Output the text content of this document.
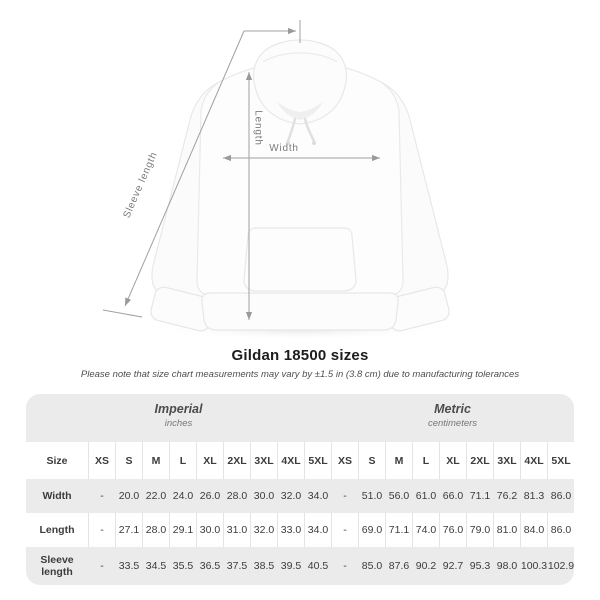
Sleeve length
Length
Width
Gildan 18500 sizes

Please note that size chart measurements may vary by ±1.5 in (3.8 cm) due to manufacturing tolerances

Imperial
inches
Metric
centimeters
Size	XS	S	M	L	XL	2XL 3XL 4XL 5XL XS	S	M	L	XL	2XL 3XL 4XL 5XL
Width	-	20.0 22.0 24.0 26.0 28.0 30.0 32.0 34.0	-	51.0 56.0 61.0 66.0 71.1 76.2 81.3 86.0
Length	-	27.1 28.0 29.1 30.0 31.0 32.0 33.0 34.0	-	69.0 71.1 74.0 76.0 79.0 81.0 84.0 86.0
Sleeve length	-	33.5 34.5 35.5 36.5 37.5 38.5 39.5 40.5	-	85.0 87.6 90.2 92.7 95.3 98.0 100.3 102.9
